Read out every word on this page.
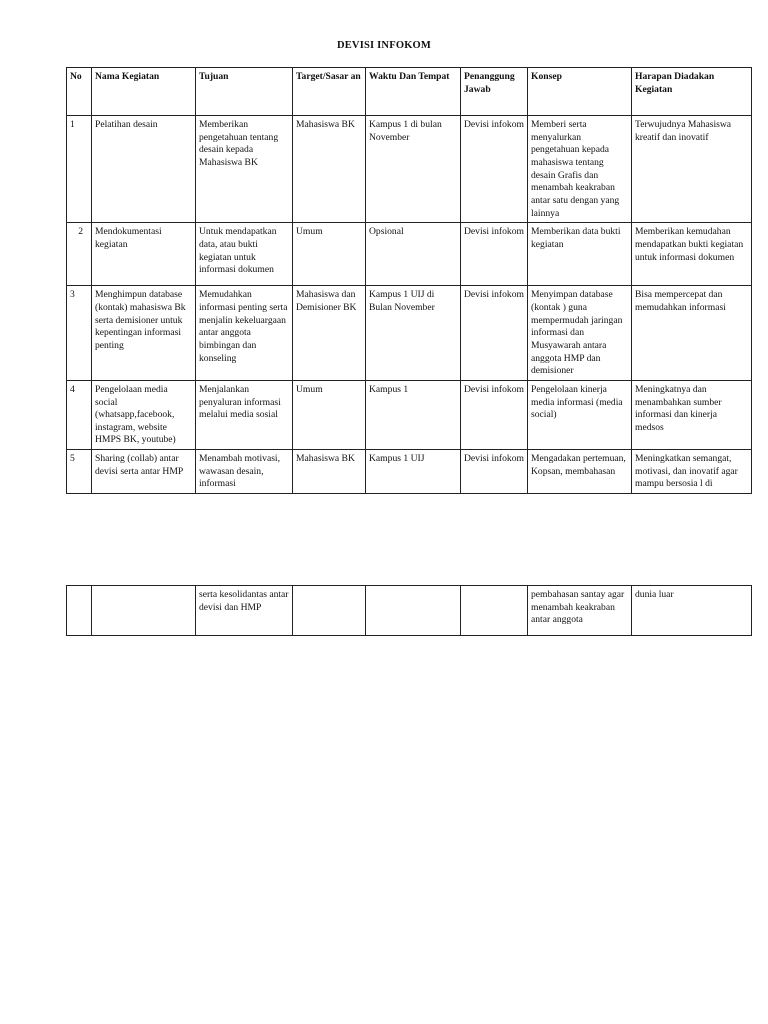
DEVISI INFOKOM
No	Nama Kegiatan	Tujuan	Target/Sasar an	Waktu Dan Tempat	Penanggung Jawab	Konsep	Harapan Diadakan Kegiatan
1	Pelatihan desain	Memberikan pengetahuan tentang desain kepada Mahasiswa BK	Mahasiswa BK	Kampus 1 di bulan November	Devisi infokom	Memberi serta menyalurkan pengetahuan kepada mahasiswa tentang desain Grafis dan menambah keakraban antar satu dengan yang lainnya	Terwujudnya Mahasiswa kreatif dan inovatif
2	Mendokumentasi kegiatan	Untuk mendapatkan data, atau bukti kegiatan untuk informasi dokumen	Umum	Opsional	Devisi infokom	Memberikan data bukti kegiatan	Memberikan kemudahan mendapatkan bukti kegiatan untuk informasi dokumen
3	Menghimpun database (kontak) mahasiswa Bk serta demisioner untuk kepentingan informasi penting	Memudahkan informasi penting serta menjalin kekeluargaan antar anggota bimbingan dan konseling	Mahasiswa dan Demisioner BK	Kampus 1 UIJ di Bulan November	Devisi infokom	Menyimpan database (kontak ) guna mempermudah jaringan informasi dan Musyawarah antara anggota HMP dan demisioner	Bisa mempercepat dan memudahkan informasi
4	Pengelolaan media social (whatsapp,facebook, instagram, website HMPS BK, youtube)	Menjalankan penyaluran informasi melalui media sosial	Umum	Kampus 1	Devisi infokom	Pengelolaan kinerja media informasi (media social)	Meningkatnya dan menambahkan sumber informasi dan kinerja medsos
5	Sharing (collab) antar devisi serta antar HMP	Menambah motivasi, wawasan desain, informasi	Mahasiswa BK	Kampus 1 UIJ	Devisi infokom	Mengadakan pertemuan, Kopsan, membahasan	Meningkatkan semangat, motivasi, dan inovatif agar mampu bersosia l di
		serta kesolidantas antar devisi dan HMP				pembahasan santay agar menambah keakraban antar anggota	dunia luar
